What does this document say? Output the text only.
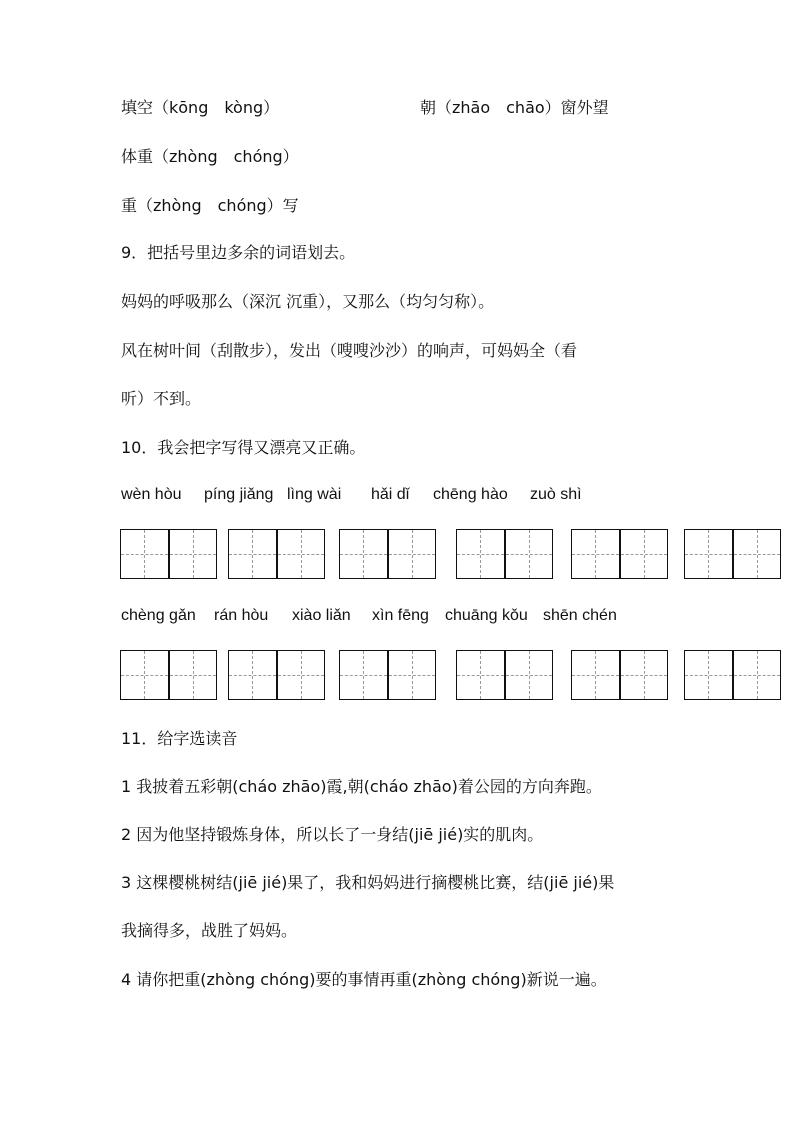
填空（kōng　kòng）	朝（zhāo　chāo）窗外望
体重（zhòng　chóng）
重（zhòng　chóng）写
9．把括号里边多余的词语划去。
妈妈的呼吸那么（深沉 沉重），又那么（均匀匀称）。
风在树叶间（刮散步），发出（嗖嗖沙沙）的响声，可妈妈全（看
听）不到。
10．我会把字写得又漂亮又正确。
wèn hòu píng jiǎng lìng wài hǎi dǐ chēng hào zuò shì
chèng gǎn rán hòu xiào liǎn xìn fēng chuāng kǒu shēn chén
11．给字选读音
1 我披着五彩朝(cháo zhāo)霞,朝(cháo zhāo)着公园的方向奔跑。
2 因为他坚持锻炼身体，所以长了一身结(jiē jié)实的肌肉。
3 这棵樱桃树结(jiē jié)果了，我和妈妈进行摘樱桃比赛，结(jiē jié)果
我摘得多，战胜了妈妈。
4 请你把重(zhòng chóng)要的事情再重(zhòng chóng)新说一遍。
